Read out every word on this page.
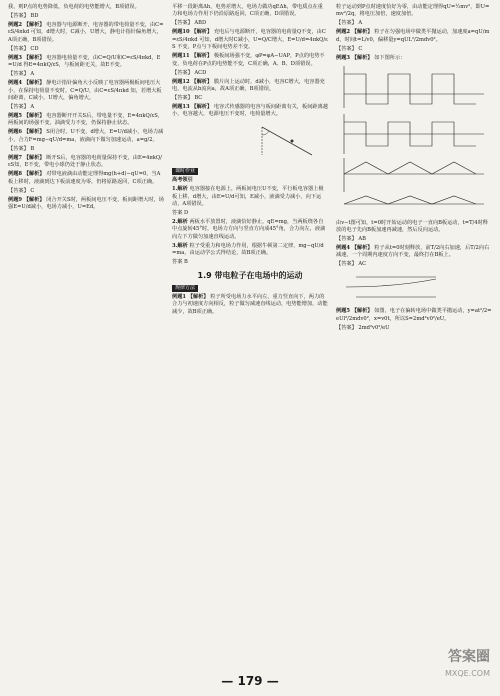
我，则P点的电势降低，负电荷的电势能增大，B项错误。
【答案】 BD
例题2 【解析】 电容器与电源断开，电容器的带电荷量不变，由C=εS/4πkd 可知，d增大时，C减小，U增大，静电计指针偏角增大，A项正确，B项错误。
【答案】 CD
例题3 【解析】 电容器电荷量不变，由C=Q/U和C=εS/4πkd，E=U/d 得E=4πkQ/εS，与板间距无关，故E不变。
【答案】 A
例题4 【解析】 静电计指针偏角大小反映了电容器两极板间电压大小，在保持电荷量不变时，C=Q/U，由C=εS/4πkd 知，若增大板间距离，C减小，U增大，偏角增大。
【答案】 A
例题5 【解析】 电容器断开开关S后，带电量不变，E=4πkQ/εS，两板间的场强不变，油滴受力不变，仍保持静止状态。
例题6 【解析】 S闭合时，U不变，d增大，E=U/d减小，电场力减小，合力F=mg−qU/d=ma，液滴向下做匀加速运动，a=g/2。
【答案】 B
例题7 【解析】 断开S后，电容器的电荷量保持不变，由E=4πkQ/εS知，E不变，带电小球仍处于静止状态。
例题8 【解析】 对带电液滴由动能定理得mg(h+d)−qU=0，当A板上移时，液滴到达下板前速度为零，仍将原路返回，C项正确。
【答案】 C
例题9 【解析】 闭合开关S时，两板间电压不变，板间距增大时，场强E=U/d减小，电场力减小，U=Ed。
平移一段距离Δh，电势差增大，电场力做功qEΔh，带电质点在重力和电场力作用下仍沿原路返回，C项正确，D项错误。
【答案】 ABD
例题10 【解析】 充电后与电源断开，电容器的电荷量Q不变，由C=εS/4πkd 可知，d增大时C减小，U=Q/C增大，E=U/d=4πkQ/εS 不变，P点与下板间电势差不变。
例题11 【解析】 极板间场强不变，φP=φA−UAP，P点的电势不变，负电荷在P点的电势能不变，C项正确，A、B、D项错误。
【答案】 ACD
例题12 【解析】 膜片向上运动时，d减小，电容C增大，电容器充电，电流从b流向a，故A项正确，B项错误。
【答案】 BC
例题13 【解析】 电容式传感器的电容与板间距离有关，板间距离越小，电容越大，电源电压不变时，电荷量增大。
课时作业
高考领引
1.解析 电容器接在电源上，两板间电压U不变，平行板电容器上极板上移，d增大，由E=U/d可知，E减小，液滴受力减小，向下运动，A项错误。
答案 D
2.解析 两板水平放置时，液滴恰好静止，qE=mg，当两板绕各自中点旋转45°时，电场力方向与竖直方向成45°角，合力向左，液滴向左下方做匀加速直线运动。
3.解析 粒子受重力和电场力作用，根据牛顿第二定律，mg−qU/d=ma，由运动学公式得结论，故B项正确。
答案 B
1.9 带电粒子在电场中的运动
规律方法
例题1 【解析】 粒子所受电场力水平向左，重力竖直向下，两力的合力与初速度方向相反，粒子做匀减速直线运动，电势能增加，动能减少，故B项正确。
粒子运动到P点时速度恰好为零，由动能定理得qU=½mv²，即U=mv²/2q，将电压加倍，速度加倍。
【答案】 A
例题2 【解析】 粒子在匀强电场中做类平抛运动，加速度a=qU/md，时间t=L/v0，偏移量y=qUL²/2mdv0²。
【答案】 C
例题3 【解析】 如下图所示：
由v−t图可知，t=0时开始运动的电子一直向B板运动，t=T/4时释放的电子先向B板加速再减速，然后反向运动。
【答案】 AB
例题4 【解析】 粒子从t=0时刻释放，前T/2向右加速，后T/2向右减速，一个周期内速度方向不变，最终打在B板上。
【答案】 AC
例题5 【解析】 如图，电子在偏转电场中做类平抛运动，y=at²/2=eUl²/2mdv0²，x=v0t，所以S=2md²v0²/eU。
【答案】 2md²v0²/eU
— 179 —
答案圈
MXQE.COM
